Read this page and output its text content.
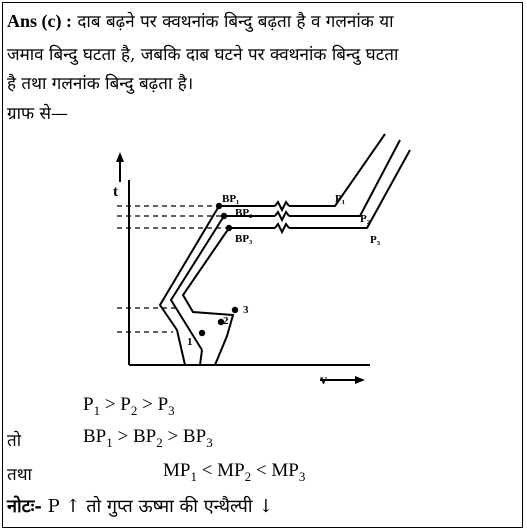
Ans (c) : दाब बढ़ने पर क्वथनांक बिन्दु बढ़ता है व गलनांक या
जमाव बिन्दु घटता है, जबकि दाब घटने पर क्वथनांक बिन्दु घटता
है तथा गलनांक बिन्दु बढ़ता है।
ग्राफ से—
t
v
BP₁
BP₂
BP₃
P₁
P₂
P₃
1
2
3
$P_1 > P_2 > P_3$
तो	$BP_1 > BP_2 > BP_3$
तथा	$MP_1 < MP_2 < MP_3$
नोटः- P ↑ तो गुप्त ऊष्मा की एन्थैल्पी ↓
